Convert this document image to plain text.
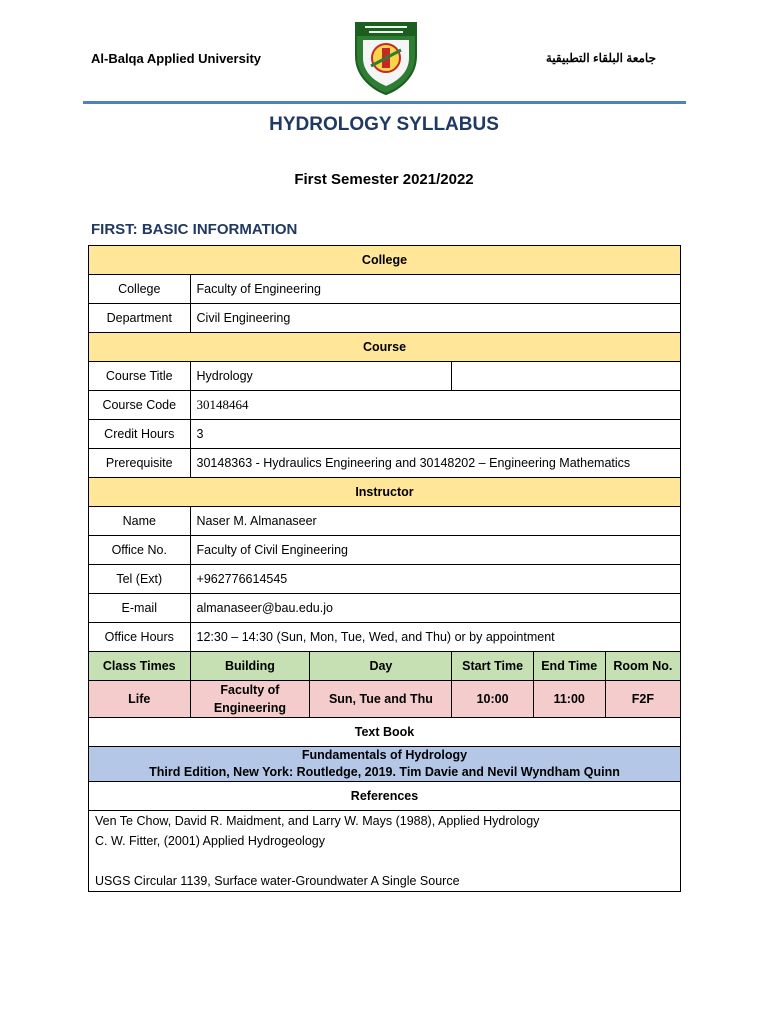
Al-Balqa Applied University	جامعة البلقاء التطبيقية
HYDROLOGY SYLLABUS
First Semester 2021/2022
FIRST: BASIC INFORMATION
College					
College	Faculty of Engineering				
Department	Civil Engineering				
Course					
Course Title	Hydrology				
Course Code	30148464				
Credit Hours	3				
Prerequisite	30148363 - Hydraulics Engineering and 30148202 – Engineering Mathematics				
Instructor					
Name	Naser M. Almanaseer				
Office No.	Faculty of Civil Engineering				
Tel (Ext)	+962776614545				
E-mail	almanaseer@bau.edu.jo				
Office Hours	12:30 – 14:30 (Sun, Mon, Tue, Wed, and Thu) or by appointment				
Class Times	Building	Day	Start Time	End Time	Room No.
Life	Faculty of Engineering	Sun, Tue and Thu	10:00	11:00	F2F
Text Book					

Fundamentals of Hydrology
Third Edition, New York: Routledge, 2019. Tim Davie and Nevil Wyndham Quinn					

References					

Ven Te Chow, David R. Maidment, and Larry W. Mays (1988), Applied Hydrology
C. W. Fitter, (2001) Applied Hydrogeology
USGS Circular 1139, Surface water-Groundwater A Single Source					
